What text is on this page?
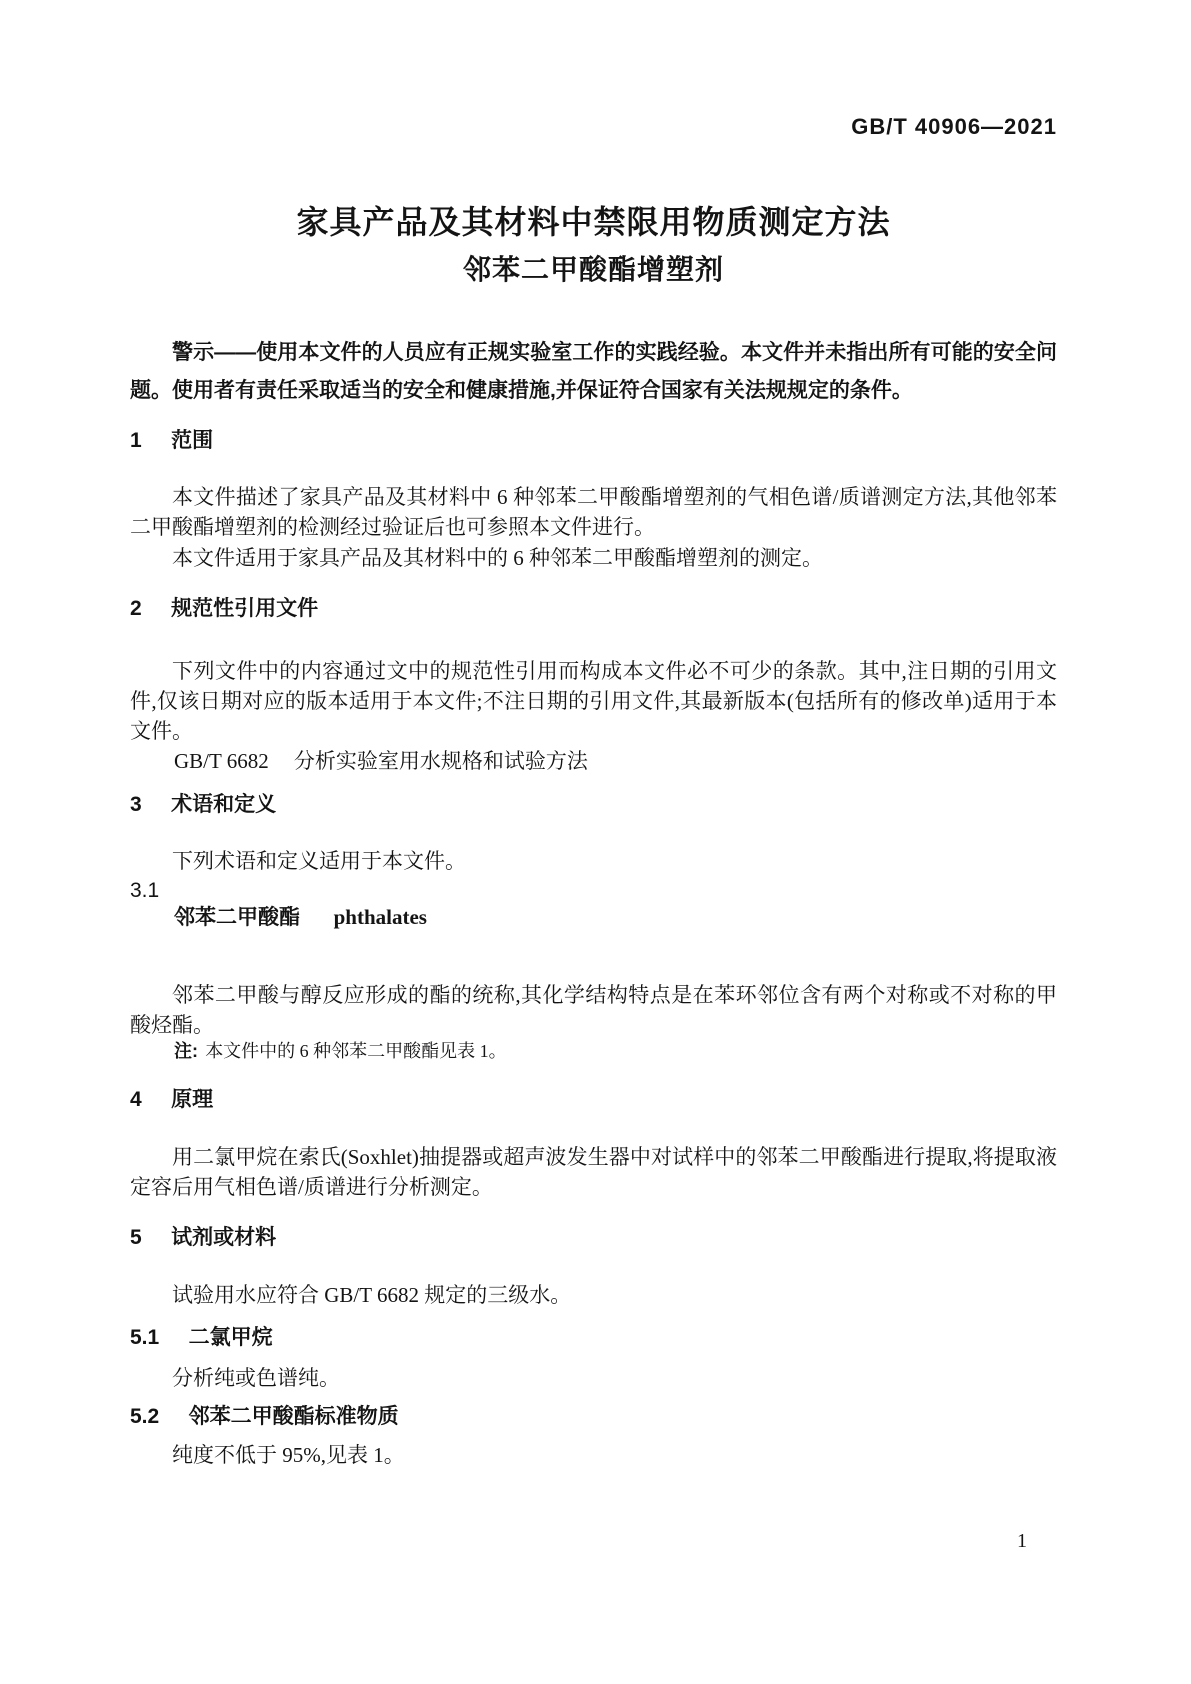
GB/T 40906—2021
家具产品及其材料中禁限用物质测定方法
邻苯二甲酸酯增塑剂
警示——使用本文件的人员应有正规实验室工作的实践经验。本文件并未指出所有可能的安全问题。使用者有责任采取适当的安全和健康措施,并保证符合国家有关法规规定的条件。
1 范围
本文件描述了家具产品及其材料中 6 种邻苯二甲酸酯增塑剂的气相色谱/质谱测定方法,其他邻苯二甲酸酯增塑剂的检测经过验证后也可参照本文件进行。
本文件适用于家具产品及其材料中的 6 种邻苯二甲酸酯增塑剂的测定。
2 规范性引用文件
下列文件中的内容通过文中的规范性引用而构成本文件必不可少的条款。其中,注日期的引用文件,仅该日期对应的版本适用于本文件;不注日期的引用文件,其最新版本(包括所有的修改单)适用于本文件。
GB/T 6682 分析实验室用水规格和试验方法
3 术语和定义
下列术语和定义适用于本文件。
3.1
邻苯二甲酸酯 phthalates
邻苯二甲酸与醇反应形成的酯的统称,其化学结构特点是在苯环邻位含有两个对称或不对称的甲酸烃酯。
注: 本文件中的 6 种邻苯二甲酸酯见表 1。
4 原理
用二氯甲烷在索氏(Soxhlet)抽提器或超声波发生器中对试样中的邻苯二甲酸酯进行提取,将提取液定容后用气相色谱/质谱进行分析测定。
5 试剂或材料
试验用水应符合 GB/T 6682 规定的三级水。
5.1 二氯甲烷
分析纯或色谱纯。
5.2 邻苯二甲酸酯标准物质
纯度不低于 95%,见表 1。
1
